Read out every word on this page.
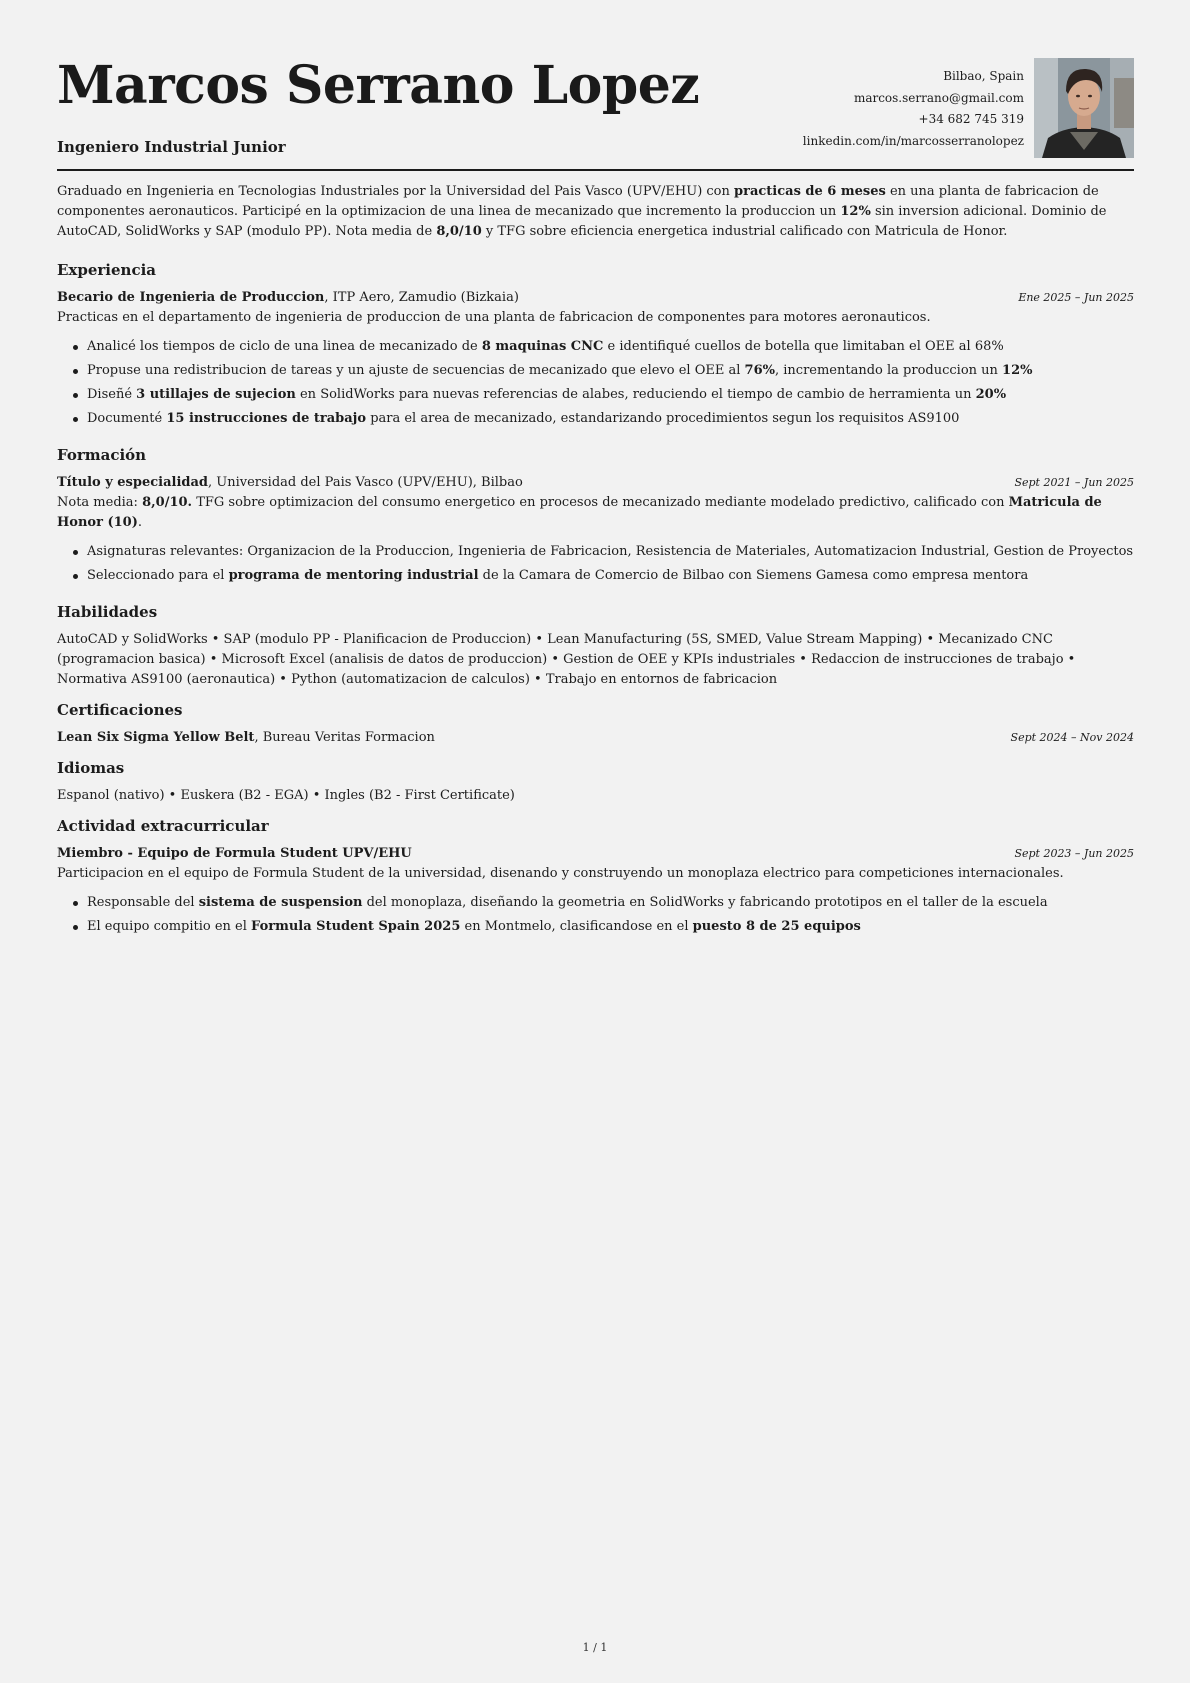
Marcos Serrano Lopez
Ingeniero Industrial Junior
Bilbao, Spain
marcos.serrano@gmail.com
+34 682 745 319
linkedin.com/in/marcosserranolopez

Graduado en Ingenieria en Tecnologias Industriales por la Universidad del Pais Vasco (UPV/EHU) con practicas de 6 meses en una planta de fabricacion de componentes aeronauticos. Participé en la optimizacion de una linea de mecanizado que incremento la produccion un 12% sin inversion adicional. Dominio de AutoCAD, SolidWorks y SAP (modulo PP). Nota media de 8,0/10 y TFG sobre eficiencia energetica industrial calificado con Matricula de Honor.

Experiencia
Becario de Ingenieria de Produccion, ITP Aero, Zamudio (Bizkaia)	Ene 2025 – Jun 2025
Practicas en el departamento de ingenieria de produccion de una planta de fabricacion de componentes para motores aeronauticos.
Analicé los tiempos de ciclo de una linea de mecanizado de 8 maquinas CNC e identifiqué cuellos de botella que limitaban el OEE al 68%
Propuse una redistribucion de tareas y un ajuste de secuencias de mecanizado que elevo el OEE al 76%, incrementando la produccion un 12%
Diseñé 3 utillajes de sujecion en SolidWorks para nuevas referencias de alabes, reduciendo el tiempo de cambio de herramienta un 20%
Documenté 15 instrucciones de trabajo para el area de mecanizado, estandarizando procedimientos segun los requisitos AS9100
Formación
Título y especialidad, Universidad del Pais Vasco (UPV/EHU), Bilbao	Sept 2021 – Jun 2025
Nota media: 8,0/10. TFG sobre optimizacion del consumo energetico en procesos de mecanizado mediante modelado predictivo, calificado con Matricula de Honor (10).
Asignaturas relevantes: Organizacion de la Produccion, Ingenieria de Fabricacion, Resistencia de Materiales, Automatizacion Industrial, Gestion de Proyectos
Seleccionado para el programa de mentoring industrial de la Camara de Comercio de Bilbao con Siemens Gamesa como empresa mentora
Habilidades
AutoCAD y SolidWorks • SAP (modulo PP - Planificacion de Produccion) • Lean Manufacturing (5S, SMED, Value Stream Mapping) • Mecanizado CNC (programacion basica) • Microsoft Excel (analisis de datos de produccion) • Gestion de OEE y KPIs industriales • Redaccion de instrucciones de trabajo • Normativa AS9100 (aeronautica) • Python (automatizacion de calculos) • Trabajo en entornos de fabricacion
Certificaciones
Lean Six Sigma Yellow Belt, Bureau Veritas Formacion	Sept 2024 – Nov 2024
Idiomas
Espanol (nativo) • Euskera (B2 - EGA) • Ingles (B2 - First Certificate)
Actividad extracurricular
Miembro - Equipo de Formula Student UPV/EHU	Sept 2023 – Jun 2025
Participacion en el equipo de Formula Student de la universidad, disenando y construyendo un monoplaza electrico para competiciones internacionales.
Responsable del sistema de suspension del monoplaza, diseñando la geometria en SolidWorks y fabricando prototipos en el taller de la escuela
El equipo compitio en el Formula Student Spain 2025 en Montmelo, clasificandose en el puesto 8 de 25 equipos
1 / 1
